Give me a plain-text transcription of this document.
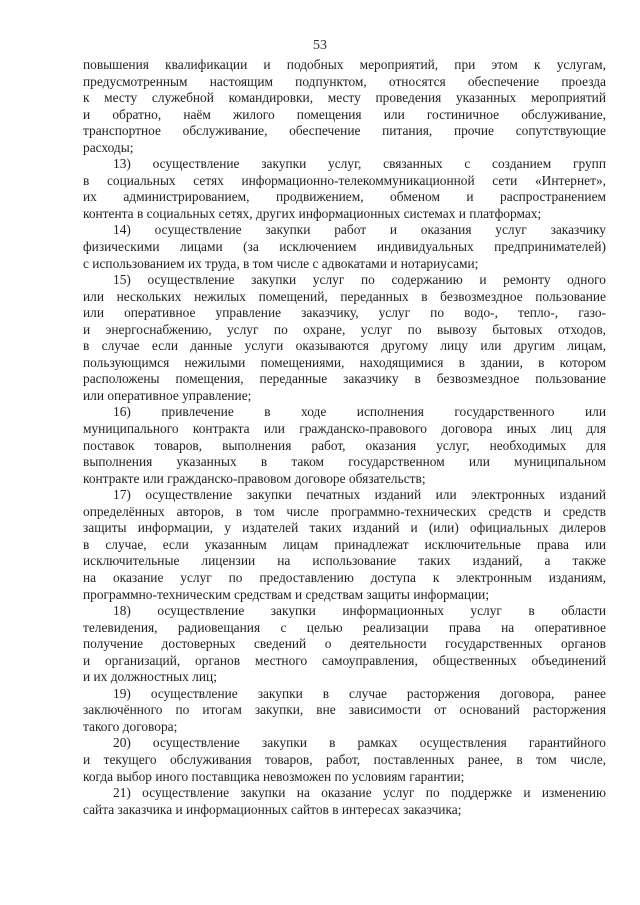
53
повышения квалификации и подобных мероприятий, при этом к услугам,
предусмотренным настоящим подпунктом, относятся обеспечение проезда
к месту служебной командировки, месту проведения указанных мероприятий
и обратно, наём жилого помещения или гостиничное обслуживание,
транспортное обслуживание, обеспечение питания, прочие сопутствующие
расходы;
13) осуществление закупки услуг, связанных с созданием групп
в социальных сетях информационно-телекоммуникационной сети «Интернет»,
их администрированием, продвижением, обменом и распространением
контента в социальных сетях, других информационных системах и платформах;
14) осуществление закупки работ и оказания услуг заказчику
физическими лицами (за исключением индивидуальных предпринимателей)
с использованием их труда, в том числе с адвокатами и нотариусами;
15) осуществление закупки услуг по содержанию и ремонту одного
или нескольких нежилых помещений, переданных в безвозмездное пользование
или оперативное управление заказчику, услуг по водо-, тепло-, газо-
и энергоснабжению, услуг по охране, услуг по вывозу бытовых отходов,
в случае если данные услуги оказываются другому лицу или другим лицам,
пользующимся нежилыми помещениями, находящимися в здании, в котором
расположены помещения, переданные заказчику в безвозмездное пользование
или оперативное управление;
16) привлечение в ходе исполнения государственного или
муниципального контракта или гражданско-правового договора иных лиц для
поставок товаров, выполнения работ, оказания услуг, необходимых для
выполнения указанных в таком государственном или муниципальном
контракте или гражданско-правовом договоре обязательств;
17) осуществление закупки печатных изданий или электронных изданий
определённых авторов, в том числе программно-технических средств и средств
защиты информации, у издателей таких изданий и (или) официальных дилеров
в случае, если указанным лицам принадлежат исключительные права или
исключительные лицензии на использование таких изданий, а также
на оказание услуг по предоставлению доступа к электронным изданиям,
программно-техническим средствам и средствам защиты информации;
18) осуществление закупки информационных услуг в области
телевидения, радиовещания с целью реализации права на оперативное
получение достоверных сведений о деятельности государственных органов
и организаций, органов местного самоуправления, общественных объединений
и их должностных лиц;
19) осуществление закупки в случае расторжения договора, ранее
заключённого по итогам закупки, вне зависимости от оснований расторжения
такого договора;
20) осуществление закупки в рамках осуществления гарантийного
и текущего обслуживания товаров, работ, поставленных ранее, в том числе,
когда выбор иного поставщика невозможен по условиям гарантии;
21) осуществление закупки на оказание услуг по поддержке и изменению
сайта заказчика и информационных сайтов в интересах заказчика;
